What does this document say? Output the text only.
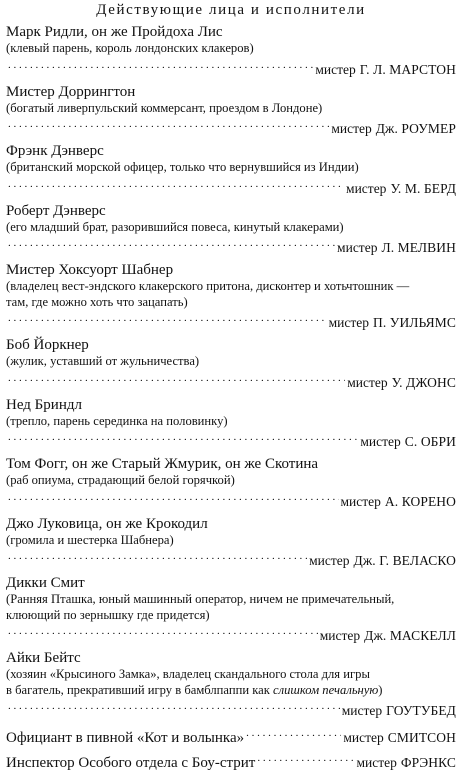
Действующие лица и исполнители
Марк Ридли, он же Пройдоха Лис
(клевый парень, король лондонских клакеров)
. . .
мистер Г. Л. МАРСТОН
Мистер Доррингтон
(богатый ливерпульский коммерсант, проездом в Лондоне)
. . .
мистер Дж. РОУМЕР
Фрэнк Дэнверс
(британский морской офицер, только что вернувшийся из Индии)
. . .
мистер У. М. БЕРД
Роберт Дэнверс
(его младший брат, разорившийся повеса, кинутый клакерами)
. . .
мистер Л. МЕЛВИН
Мистер Хоксуорт Шабнер
(владелец вест-эндского клакерского притона, дисконтер и хотьчтошник —
там, где можно хоть что зацапать)
. . .
мистер П. УИЛЬЯМС
Боб Йоркнер
(жулик, уставший от жульничества)
. . .
мистер У. ДЖОНС
Нед Бриндл
(трепло, парень серединка на половинку)
. . .
мистер С. ОБРИ
Том Фогг, он же Старый Жмурик, он же Скотина
(раб опиума, страдающий белой горячкой)
. . .
мистер А. КОРЕНО
Джо Луковица, он же Крокодил
(громила и шестерка Шабнера)
. . .
мистер Дж. Г. ВЕЛАСКО
Дикки Смит
(Ранняя Пташка, юный машинный оператор, ничем не примечательный,
клюющий по зернышку где придется)
. . .
мистер Дж. МАСКЕЛЛ
Айки Бейтс
(хозяин «Крысиного Замка», владелец скандального стола для игры
в багатель, прекративший игру в бамблпаппи как слишком печальную)
. . .
мистер ГОУТУБЕД
Официант в пивной «Кот и волынка» . . .	мистер СМИТСОН
Инспектор Особого отдела с Боу-стрит . . .	мистер ФРЭНКС
